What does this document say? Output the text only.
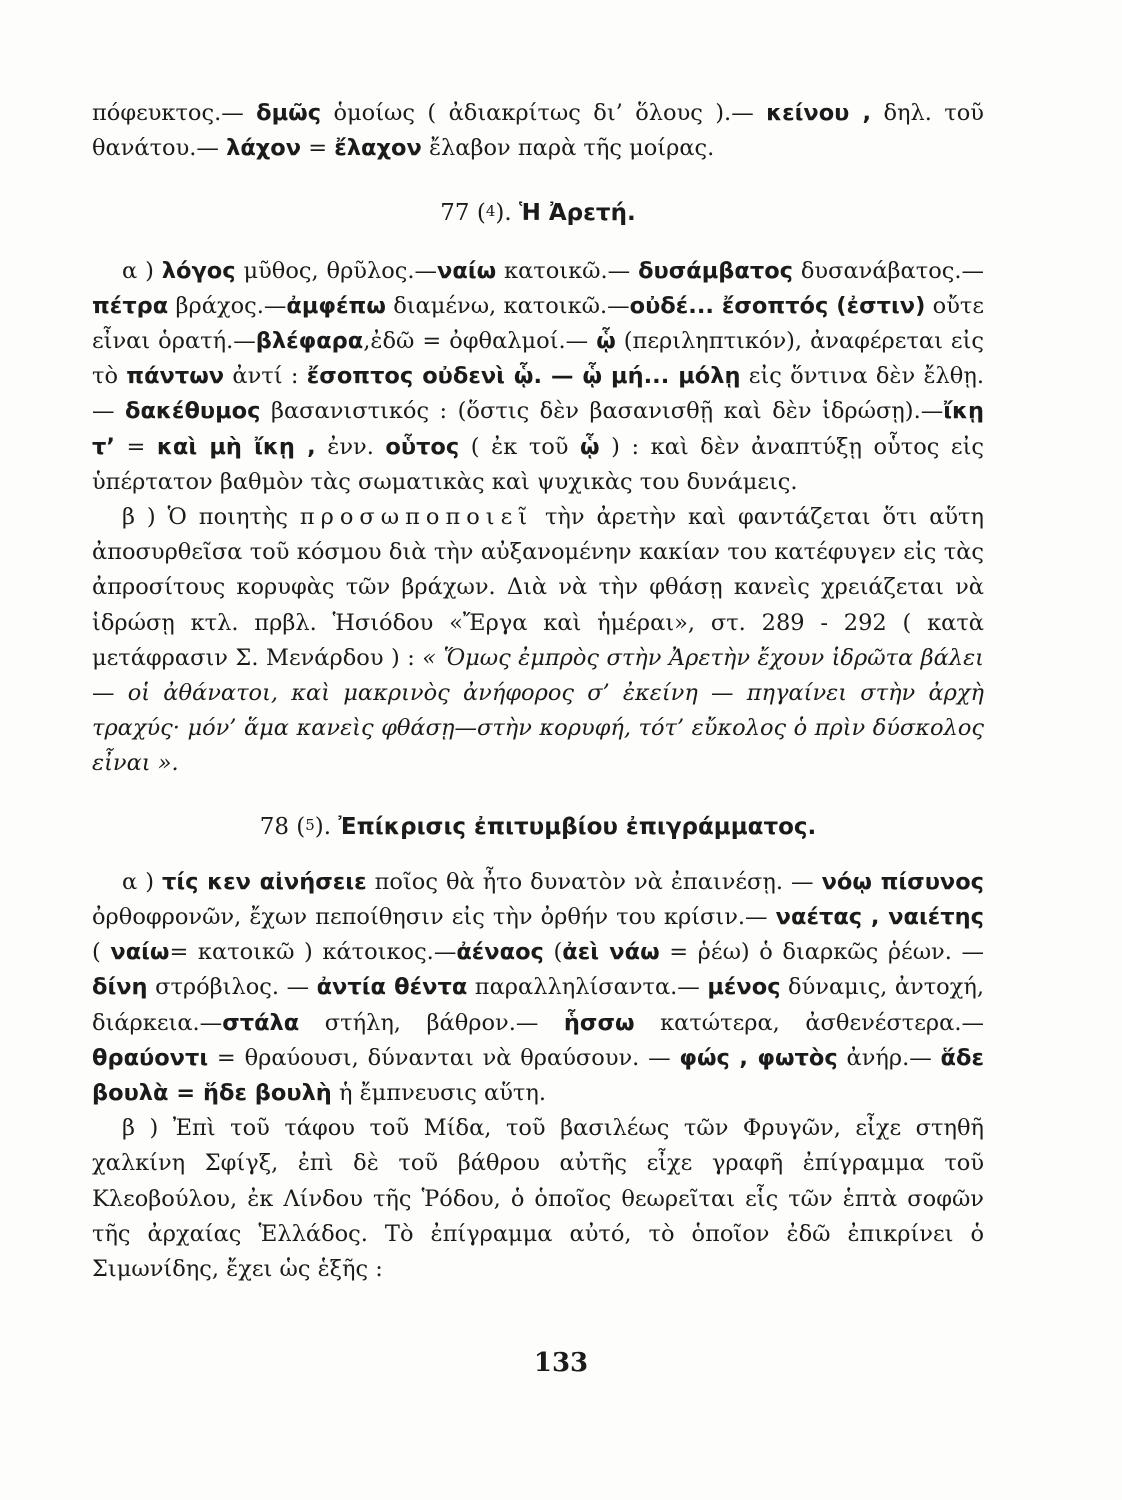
πόφευκτος.— δμῶς ὁμοίως ( ἀδιακρίτως δι’ ὅλους ).— κείνου , δηλ. τοῦ θανάτου.— λάχον = ἔλαχον ἔλαβον παρὰ τῆς μοίρας.

77 ($^4$). Ἡ Ἀρετή.

α ) λόγος μῦθος, θρῦλος.—ναίω κατοικῶ.— δυσάμβατος δυσανάβατος.—πέτρα βράχος.—ἀμφέπω διαμένω, κατοικῶ.—οὐδέ... ἔσοπτός (ἐστιν) οὔτε εἶναι ὁρατή.—βλέφαρα,ἐδῶ = ὀφθαλμοί.— ᾧ (περιληπτικόν), ἀναφέρεται εἰς τὸ πάντων ἀντί : ἔσοπτος οὐδενὶ ᾧ. — ᾧ μή... μόλῃ εἰς ὅντινα δὲν ἔλθῃ. — δακέθυμος βασανιστικός : (ὅστις δὲν βασανισθῇ καὶ δὲν ἱδρώσῃ).—ἴκῃ τ’ = καὶ μὴ ἴκῃ , ἐνν. οὗτος ( ἐκ τοῦ ᾧ ) : καὶ δὲν ἀναπτύξῃ οὗτος εἰς ὑπέρτατον βαθμὸν τὰς σωματικὰς καὶ ψυχικὰς του δυνάμεις.

β ) Ὁ ποιητὴς προσωποποιεῖ τὴν ἀρετὴν καὶ φαντάζεται ὅτι αὕτη ἀποσυρθεῖσα τοῦ κόσμου διὰ τὴν αὐξανομένην κακίαν του κατέφυγεν εἰς τὰς ἀπροσίτους κορυφὰς τῶν βράχων. Διὰ νὰ τὴν φθάσῃ κανεὶς χρειάζεται νὰ ἱδρώσῃ κτλ. πρβλ. Ἡσιόδου «Ἔργα καὶ ἡμέραι», στ. 289 - 292 ( κατὰ μετάφρασιν Σ. Μενάρδου ) : « Ὅμως ἐμπρὸς στὴν Ἀρετὴν ἔχουν ἱδρῶτα βάλει — οἱ ἀθάνατοι, καὶ μακρινὸς ἀνήφορος σ’ ἐκείνη — πηγαίνει στὴν ἀρχὴ τραχύς· μόν’ ἅμα κανεὶς φθάσῃ—στὴν κορυφή, τότ’ εὔκολος ὁ πρὶν δύσκολος εἶναι ».

78 ($^5$). Ἐπίκρισις ἐπιτυμβίου ἐπιγράμματος.

α ) τίς κεν αἰνήσειε ποῖος θὰ ἦτο δυνατὸν νὰ ἐπαινέσῃ. — νόῳ πίσυνος ὀρθοφρονῶν, ἔχων πεποίθησιν εἰς τὴν ὀρθήν του κρίσιν.— ναέτας , ναιέτης ( ναίω= κατοικῶ ) κάτοικος.—ἀέναος (ἀεὶ νάω = ῥέω) ὁ διαρκῶς ῥέων. — δίνη στρόβιλος. — ἀντία θέντα παραλληλίσαντα.— μένος δύναμις, ἀντοχή, διάρκεια.—στάλα στήλη, βάθρον.— ἧσσω κατώτερα, ἀσθενέστερα.— θραύοντι = θραύουσι, δύνανται νὰ θραύσουν. — φώς , φωτὸς ἀνήρ.— ἅδε βουλὰ = ἥδε βουλὴ ἡ ἔμπνευσις αὕτη.

β ) Ἐπὶ τοῦ τάφου τοῦ Μίδα, τοῦ βασιλέως τῶν Φρυγῶν, εἶχε στηθῆ χαλκίνη Σφίγξ, ἐπὶ δὲ τοῦ βάθρου αὐτῆς εἶχε γραφῆ ἐπίγραμμα τοῦ Κλεοβούλου, ἐκ Λίνδου τῆς Ῥόδου, ὁ ὁποῖος θεωρεῖται εἷς τῶν ἑπτὰ σοφῶν τῆς ἀρχαίας Ἑλλάδος. Τὸ ἐπίγραμμα αὐτό, τὸ ὁποῖον ἐδῶ ἐπικρίνει ὁ Σιμωνίδης, ἔχει ὡς ἑξῆς :

133
